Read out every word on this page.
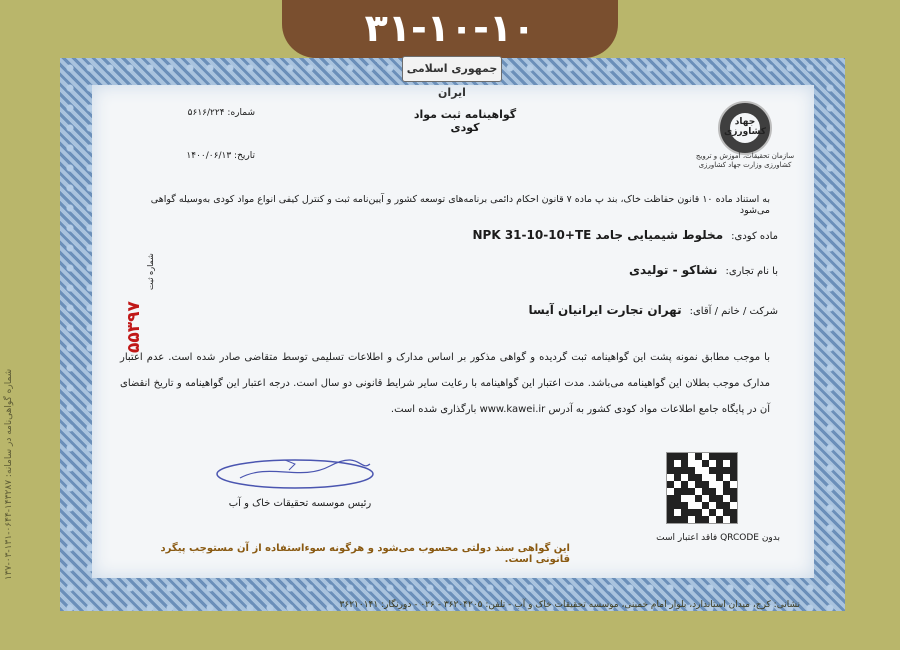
۳۱-۱۰-۱۰
شماره گواهی‌نامه در سامانه: ۱۴۳۲۸۷-۰۶۴۴-۱۳۱-۰۳-۱۳۷
جمهوری اسلامی ایران
گواهینامه ثبت مواد کودی	جهاد کشاورزی
سازمان تحقیقات، آموزش و ترویج کشاورزی وزارت جهاد کشاورزی
شماره: ۵۶۱۶/۲۲۴
تاریخ: ۱۴۰۰/۰۶/۱۳
به استناد ماده ۱۰ قانون حفاظت خاک، بند پ ماده ۷ قانون احکام دائمی برنامه‌های توسعه کشور و آیین‌نامه ثبت و کنترل کیفی انواع مواد کودی به‌وسیله گواهی می‌شود
ماده کودی:
مخلوط شیمیایی جامد NPK 31-10-10+TE
با نام تجاری:
نشاکو - تولیدی
شرکت / خانم / آقای:
تهران تجارت ایرانیان آیسا
شماره ثبت
۵۵۳۹۷
با موجب مطابق نمونه پشت این گواهینامه ثبت گردیده و گواهی مذکور بر اساس مدارک و اطلاعات تسلیمی توسط متقاضی صادر شده است. عدم اعتبار مدارک موجب بطلان این گواهینامه می‌باشد. مدت اعتبار این گواهینامه با رعایت سایر شرایط قانونی دو سال است. درجه اعتبار این گواهینامه و تاریخ انقضای آن در پایگاه جامع اطلاعات مواد کودی کشور به آدرس www.kawei.ir بارگذاری شده است.
رئیس موسسه تحقیقات خاک و آب
بدون QRCODE فاقد اعتبار است
این گواهی سند دولتی محسوب می‌شود و هرگونه سوءاستفاده از آن مستوجب پیگرد قانونی است.
نشانی: کرج، میدان استاندارد، بلوار امام خمینی، موسسه تحقیقات خاک و آب - تلفن: ۳۶۲۰۴۲۰۵ - ۰۲۶ - دورنگار: ۳۶۲۱۰۱۴۱
